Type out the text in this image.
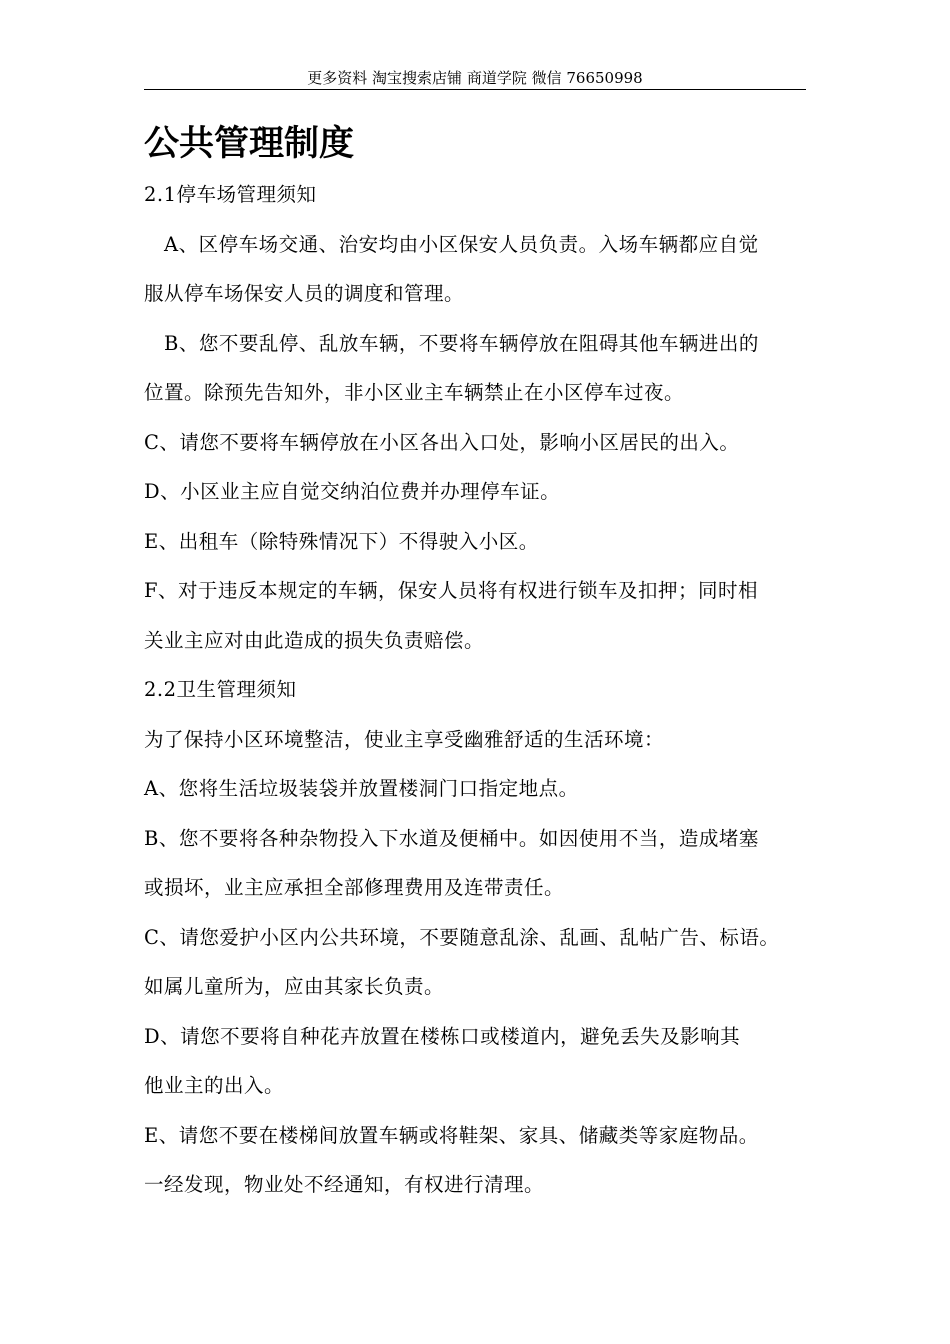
更多资料 淘宝搜索店铺 商道学院 微信 76650998
公共管理制度
2.1停车场管理须知
A、区停车场交通、治安均由小区保安人员负责。入场车辆都应自觉
服从停车场保安人员的调度和管理。
B、您不要乱停、乱放车辆，不要将车辆停放在阻碍其他车辆进出的
位置。除预先告知外，非小区业主车辆禁止在小区停车过夜。
C、请您不要将车辆停放在小区各出入口处，影响小区居民的出入。
D、小区业主应自觉交纳泊位费并办理停车证。
E、出租车（除特殊情况下）不得驶入小区。
F、对于违反本规定的车辆，保安人员将有权进行锁车及扣押；同时相
关业主应对由此造成的损失负责赔偿。
2.2卫生管理须知
为了保持小区环境整洁，使业主享受幽雅舒适的生活环境：
A、您将生活垃圾装袋并放置楼洞门口指定地点。
B、您不要将各种杂物投入下水道及便桶中。如因使用不当，造成堵塞
或损坏，业主应承担全部修理费用及连带责任。
C、请您爱护小区内公共环境，不要随意乱涂、乱画、乱帖广告、标语。
如属儿童所为，应由其家长负责。
D、请您不要将自种花卉放置在楼栋口或楼道内，避免丢失及影响其
他业主的出入。
E、请您不要在楼梯间放置车辆或将鞋架、家具、储藏类等家庭物品。
一经发现，物业处不经通知，有权进行清理。
